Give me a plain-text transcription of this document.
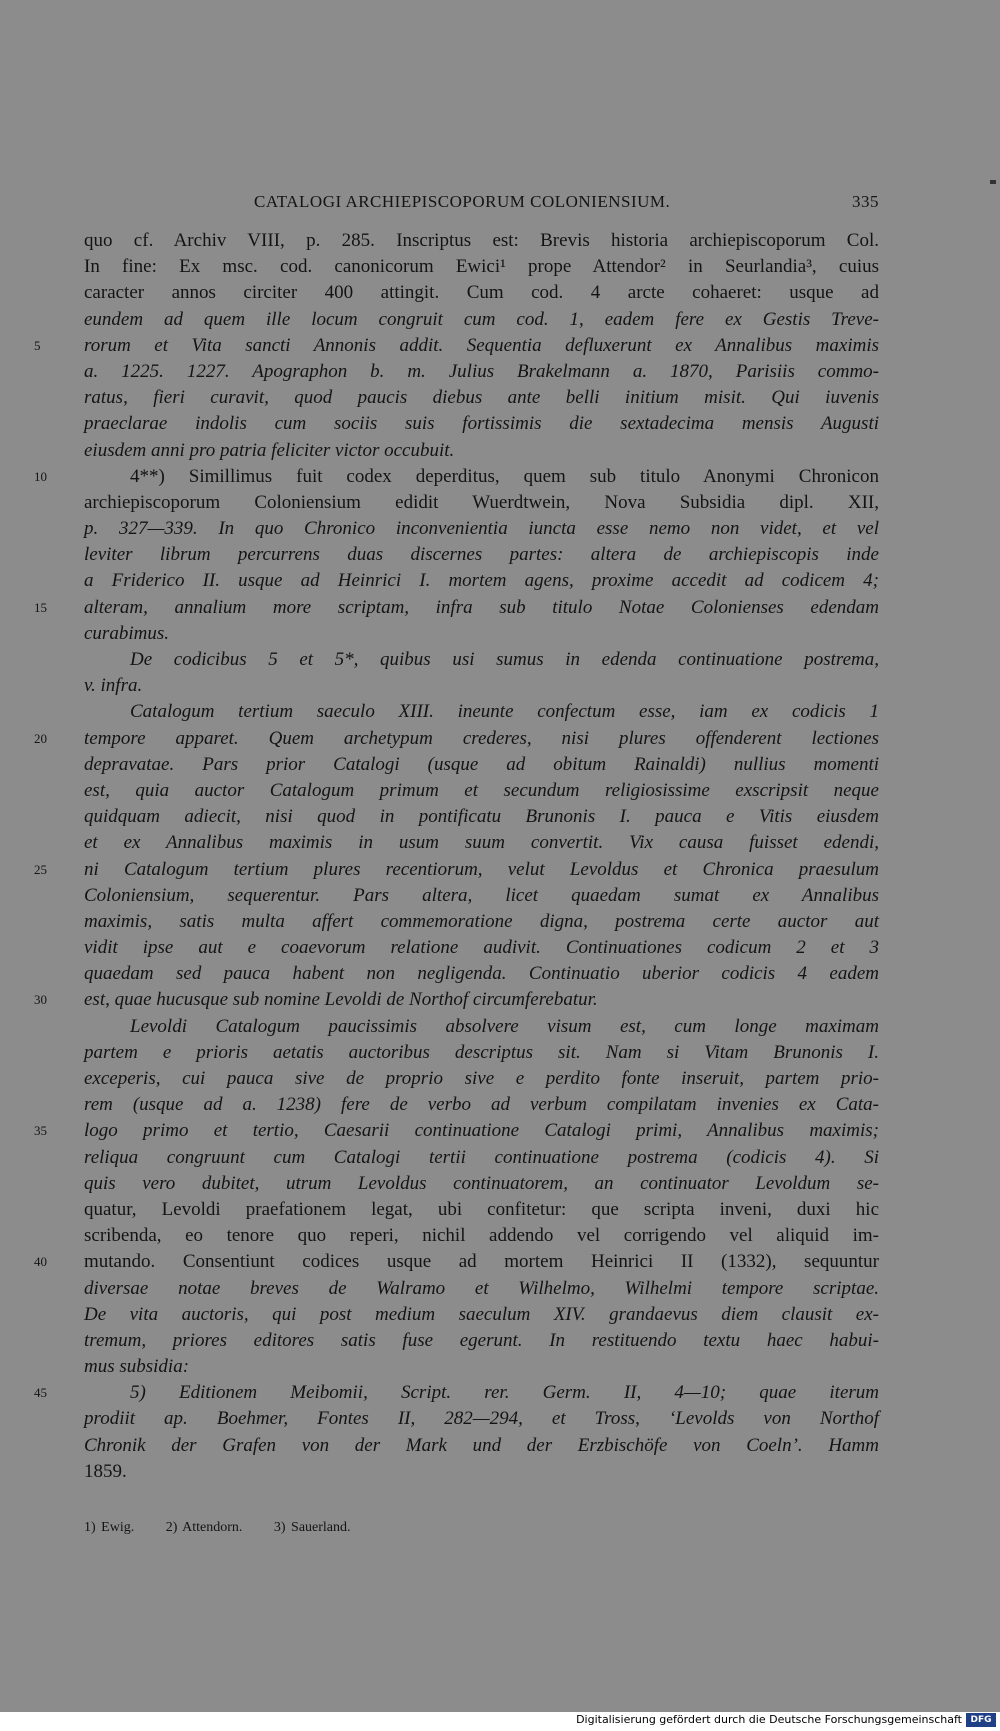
CATALOGI ARCHIEPISCOPORUM COLONIENSIUM.	335
quo cf. Archiv VIII, p. 285. Inscriptus est: Brevis historia archiepiscoporum Col.
In fine: Ex msc. cod. canonicorum Ewici¹ prope Attendor² in Seurlandia³, cuius
caracter annos circiter 400 attingit. Cum cod. 4 arcte cohaeret: usque ad
eundem ad quem ille locum congruit cum cod. 1, eadem fere ex Gestis Treve-
rorum et Vita sancti Annonis addit. Sequentia defluxerunt ex Annalibus maximis
5
a. 1225. 1227. Apographon b. m. Julius Brakelmann a. 1870, Parisiis commo-
ratus, fieri curavit, quod paucis diebus ante belli initium misit. Qui iuvenis
praeclarae indolis cum sociis suis fortissimis die sextadecima mensis Augusti
eiusdem anni pro patria feliciter victor occubuit.
4**) Simillimus fuit codex deperditus, quem sub titulo Anonymi Chronicon
10
archiepiscoporum Coloniensium edidit Wuerdtwein, Nova Subsidia dipl. XII,
p. 327—339. In quo Chronico inconvenientia iuncta esse nemo non videt, et vel
leviter librum percurrens duas discernes partes: altera de archiepiscopis inde
a Friderico II. usque ad Heinrici I. mortem agens, proxime accedit ad codicem 4;
alteram, annalium more scriptam, infra sub titulo Notae Colonienses edendam
15
curabimus.
De codicibus 5 et 5*, quibus usi sumus in edenda continuatione postrema,
v. infra.
Catalogum tertium saeculo XIII. ineunte confectum esse, iam ex codicis 1
tempore apparet. Quem archetypum crederes, nisi plures offenderent lectiones
20
depravatae. Pars prior Catalogi (usque ad obitum Rainaldi) nullius momenti
est, quia auctor Catalogum primum et secundum religiosissime exscripsit neque
quidquam adiecit, nisi quod in pontificatu Brunonis I. pauca e Vitis eiusdem
et ex Annalibus maximis in usum suum convertit. Vix causa fuisset edendi,
ni Catalogum tertium plures recentiorum, velut Levoldus et Chronica praesulum
25
Coloniensium, sequerentur. Pars altera, licet quaedam sumat ex Annalibus
maximis, satis multa affert commemoratione digna, postrema certe auctor aut
vidit ipse aut e coaevorum relatione audivit. Continuationes codicum 2 et 3
quaedam sed pauca habent non negligenda. Continuatio uberior codicis 4 eadem
est, quae hucusque sub nomine Levoldi de Northof circumferebatur.
30
Levoldi Catalogum paucissimis absolvere visum est, cum longe maximam
partem e prioris aetatis auctoribus descriptus sit. Nam si Vitam Brunonis I.
exceperis, cui pauca sive de proprio sive e perdito fonte inseruit, partem prio-
rem (usque ad a. 1238) fere de verbo ad verbum compilatam invenies ex Cata-
logo primo et tertio, Caesarii continuatione Catalogi primi, Annalibus maximis;
35
reliqua congruunt cum Catalogi tertii continuatione postrema (codicis 4). Si
quis vero dubitet, utrum Levoldus continuatorem, an continuator Levoldum se-
quatur, Levoldi praefationem legat, ubi confitetur: que scripta inveni, duxi hic
scribenda, eo tenore quo reperi, nichil addendo vel corrigendo vel aliquid im-
mutando. Consentiunt codices usque ad mortem Heinrici II (1332), sequuntur
40
diversae notae breves de Walramo et Wilhelmo, Wilhelmi tempore scriptae.
De vita auctoris, qui post medium saeculum XIV. grandaevus diem clausit ex-
tremum, priores editores satis fuse egerunt. In restituendo textu haec habui-
mus subsidia:
5) Editionem Meibomii, Script. rer. Germ. II, 4—10; quae iterum
45
prodiit ap. Boehmer, Fontes II, 282—294, et Tross, ‘Levolds von Northof
Chronik der Grafen von der Mark und der Erzbischöfe von Coeln’. Hamm
1859.
1) Ewig. 2) Attendorn. 3) Sauerland.
Digitalisierung gefördert durch die Deutsche Forschungsgemeinschaft DFG
